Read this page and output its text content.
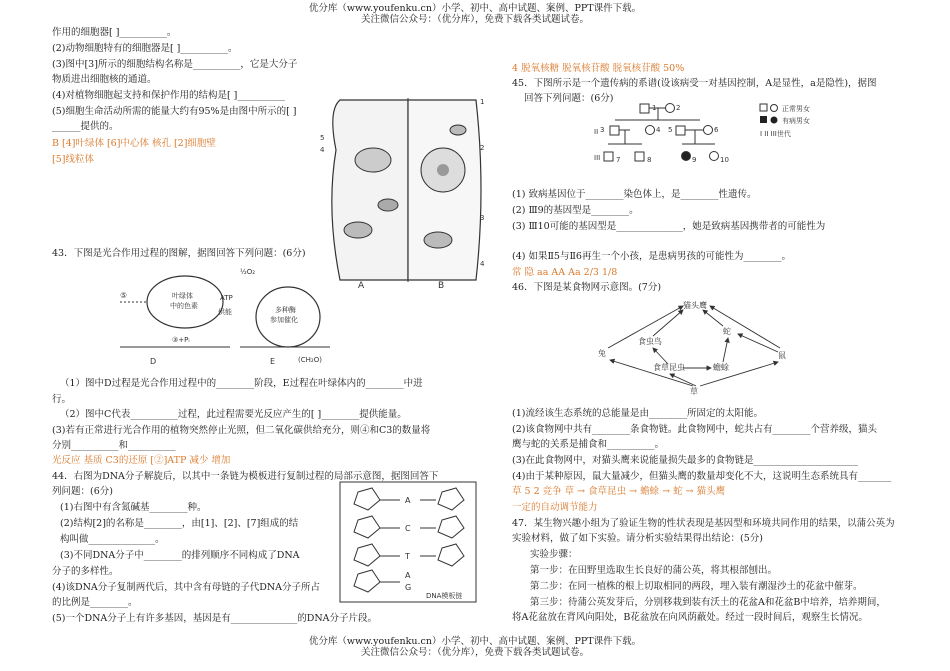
优分库（www.youfenku.cn）小学、初中、高中试题、案例、PPT课件下载。
关注微信公众号：（优分库），免费下载各类试题试卷。
作用的细胞器[ ]__________。
(2)动物细胞特有的细胞器是[ ]__________。
(3)图中[3]所示的细胞结构名称是__________，它是大分子
物质进出细胞核的通道。
(4)对植物细胞起支持和保护作用的结构是[ ]__________
(5)细胞生命活动所需的能量大约有95%是由图中所示的[ ]
______提供的。
B [4]叶绿体 [6]中心体 核孔 [2]细胞壁
[5]线粒体
A	B
5
4
1
2
3
4
43．下图是光合作用过程的图解，据图回答下列问题：(6分)
叶绿体
中的色素	多种酶
参加催化
⑤
½O₂
ATP
供能
③+Pᵢ
(CH₂O)
D	E
（1）图中D过程是光合作用过程中的________阶段，E过程在叶绿体内的________中进
行。
（2）图中C代表__________过程，此过程需要光反应产生的[ ]________提供能量。
(3)若有正常进行光合作用的植物突然停止光照，但二氧化碳供给充分，则④和C3的数量将
分别__________和__________
光反应 基质 C3的还原 [②]ATP 减少 增加
44．右图为DNA分子解旋后，以其中一条链为模板进行复制过程的局部示意图，据图回答下
列问题：(6分)
(1)右图中有含氮碱基________种。
(2)结构[2]的名称是________，由[1]、[2]、[7]组成的结
构叫做______________。
(3)不同DNA分子中________的排列顺序不同构成了DNA
分子的多样性。
(4)该DNA分子复制两代后，其中含有母链的子代DNA分子所占
的比例是________。
(5)一个DNA分子上有许多基因，基因是有______________的DNA分子片段。
A
C
T
A
G
DNA模板链
4 脱氧核糖 脱氧核苷酸 脱氧核苷酸 50%
45．下图所示是一个遗传病的系谱(设该病受一对基因控制，A是显性，a是隐性)，据图
回答下列问题：(6分)
II
III
1	2
3	4 5	6
7	8	9	10
正常男女
有病男女
I II III世代
(1) 致病基因位于________染色体上，是________性遗传。
(2) Ⅲ9的基因型是________。
(3) Ⅲ10可能的基因型是______________，她是致病基因携带者的可能性为
(4) 如果Ⅱ5与Ⅱ6再生一个小孩，是患病男孩的可能性为________。
常 隐 aa AA Aa 2/3 1/8
46．下图是某食物网示意图。(7分)
猫头鹰
蛇
食虫鸟
兔	鼠
蟾蜍
食草昆虫
草
(1)流经该生态系统的总能量是由________所固定的太阳能。
(2)该食物网中共有________条食物链。此食物网中，蛇共占有________个营养级，猫头
鹰与蛇的关系是捕食和__________。
(3)在此食物网中，对猫头鹰来说能量损失最多的食物链是______________________
(4)由于某种原因，鼠大量减少，但猫头鹰的数量却变化不大，这说明生态系统具有_______
草 5 2 竞争 草 → 食草昆虫 → 蟾蜍 → 蛇 → 猫头鹰
一定的自动调节能力
47．某生物兴趣小组为了验证生物的性状表现是基因型和环境共同作用的结果，以蒲公英为
实验材料，做了如下实验。请分析实验结果得出结论：(5分)
实验步骤：
第一步：在田野里选取生长良好的蒲公英，将其根部刨出。
第二步：在同一植株的根上切取相同的两段，埋入装有潮湿沙土的花盆中催芽。
第三步：待蒲公英发芽后，分别移栽到装有沃土的花盆A和花盆B中培养，培养期间，
将A花盆放在背风向阳处，B花盆放在向风荫蔽处。经过一段时间后，观察生长情况。
优分库（www.youfenku.cn）小学、初中、高中试题、案例、PPT课件下载。
关注微信公众号：（优分库），免费下载各类试题试卷。
